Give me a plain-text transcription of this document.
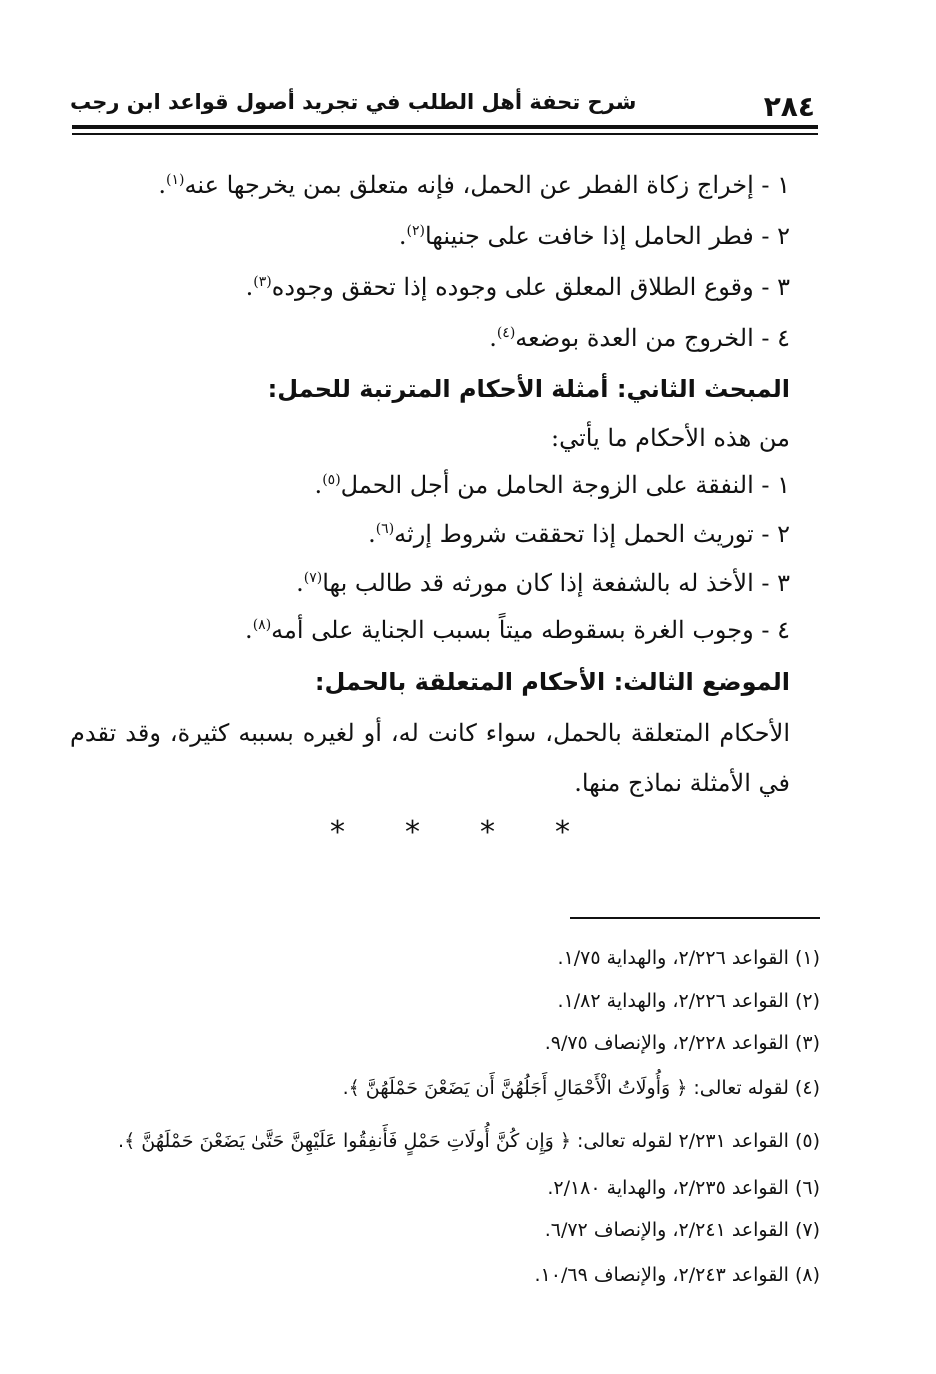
٢٨٤
شرح تحفة أهل الطلب في تجريد أصول قواعد ابن رجب
١ - إخراج زكاة الفطر عن الحمل، فإنه متعلق بمن يخرجها عنه$^{(١)}$.
٢ - فطر الحامل إذا خافت على جنينها$^{(٢)}$.
٣ - وقوع الطلاق المعلق على وجوده إذا تحقق وجوده$^{(٣)}$.
٤ - الخروج من العدة بوضعه$^{(٤)}$.
المبحث الثاني: أمثلة الأحكام المترتبة للحمل:
من هذه الأحكام ما يأتي:
١ - النفقة على الزوجة الحامل من أجل الحمل$^{(٥)}$.
٢ - توريث الحمل إذا تحققت شروط إرثه$^{(٦)}$.
٣ - الأخذ له بالشفعة إذا كان مورثه قد طالب بها$^{(٧)}$.
٤ - وجوب الغرة بسقوطه ميتاً بسبب الجناية على أمه$^{(٨)}$.
الموضع الثالث: الأحكام المتعلقة بالحمل:
الأحكام المتعلقة بالحمل، سواء كانت له، أو لغيره بسببه كثيرة، وقد تقدم في الأمثلة نماذج منها.
* * * *
(١) القواعد ٢/٢٢٦، والهداية ١/٧٥.
(٢) القواعد ٢/٢٢٦، والهداية ١/٨٢.
(٣) القواعد ٢/٢٢٨، والإنصاف ٩/٧٥.
(٤) لقوله تعالى: ﴿ وَأُولَاتُ الْأَحْمَالِ أَجَلُهُنَّ أَن يَضَعْنَ حَمْلَهُنَّ ﴾.
(٥) القواعد ٢/٢٣١ لقوله تعالى: ﴿ وَإِن كُنَّ أُولَاتِ حَمْلٍ فَأَنفِقُوا عَلَيْهِنَّ حَتَّىٰ يَضَعْنَ حَمْلَهُنَّ ﴾.
(٦) القواعد ٢/٢٣٥، والهداية ٢/١٨٠.
(٧) القواعد ٢/٢٤١، والإنصاف ٦/٧٢.
(٨) القواعد ٢/٢٤٣، والإنصاف ١٠/٦٩.
